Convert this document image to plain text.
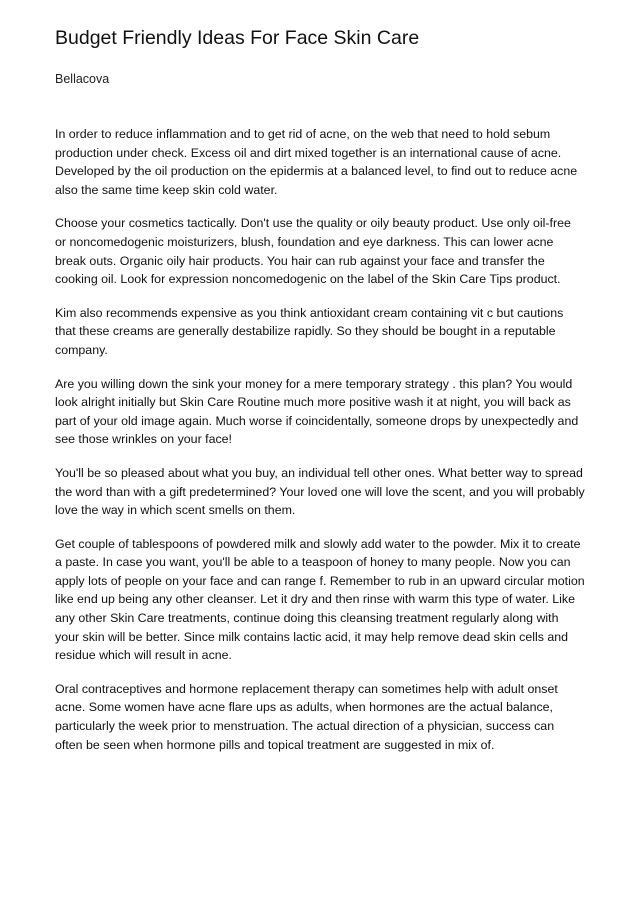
Budget Friendly Ideas For Face Skin Care
Bellacova

In order to reduce inflammation and to get rid of acne, on the web that need to hold sebum production under check. Excess oil and dirt mixed together is an international cause of acne. Developed by the oil production on the epidermis at a balanced level, to find out to reduce acne also the same time keep skin cold water.

Choose your cosmetics tactically. Don't use the quality or oily beauty product. Use only oil-free or noncomedogenic moisturizers, blush, foundation and eye darkness. This can lower acne break outs. Organic oily hair products. You hair can rub against your face and transfer the cooking oil. Look for expression noncomedogenic on the label of the Skin Care Tips product.

Kim also recommends expensive as you think antioxidant cream containing vit c but cautions that these creams are generally destabilize rapidly. So they should be bought in a reputable company.

Are you willing down the sink your money for a mere temporary strategy . this plan? You would look alright initially but Skin Care Routine much more positive wash it at night, you will back as part of your old image again. Much worse if coincidentally, someone drops by unexpectedly and see those wrinkles on your face!

You'll be so pleased about what you buy, an individual tell other ones. What better way to spread the word than with a gift predetermined? Your loved one will love the scent, and you will probably love the way in which scent smells on them.

Get couple of tablespoons of powdered milk and slowly add water to the powder. Mix it to create a paste. In case you want, you'll be able to a teaspoon of honey to many people. Now you can apply lots of people on your face and can range f. Remember to rub in an upward circular motion like end up being any other cleanser. Let it dry and then rinse with warm this type of water. Like any other Skin Care treatments, continue doing this cleansing treatment regularly along with your skin will be better. Since milk contains lactic acid, it may help remove dead skin cells and residue which will result in acne.

Oral contraceptives and hormone replacement therapy can sometimes help with adult onset acne. Some women have acne flare ups as adults, when hormones are the actual balance, particularly the week prior to menstruation. The actual direction of a physician, success can often be seen when hormone pills and topical treatment are suggested in mix of.
